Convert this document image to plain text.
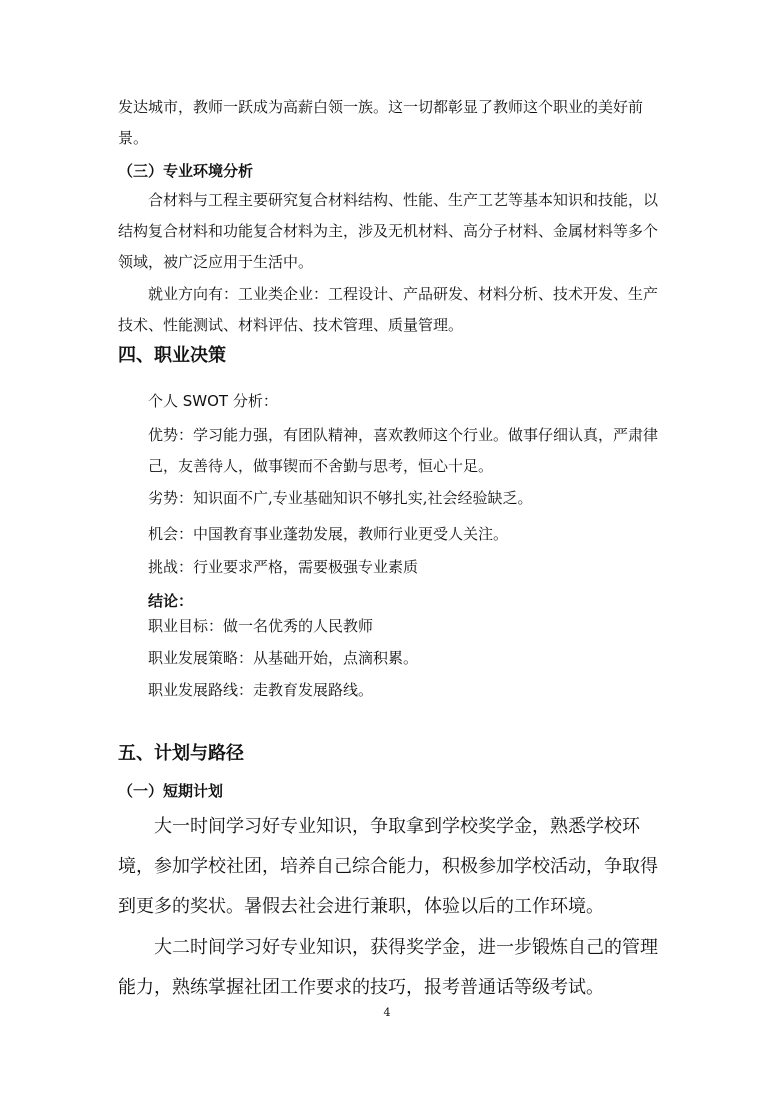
发达城市，教师一跃成为高薪白领一族。这一切都彰显了教师这个职业的美好前景。

（三）专业环境分析

合材料与工程主要研究复合材料结构、性能、生产工艺等基本知识和技能，以结构复合材料和功能复合材料为主，涉及无机材料、高分子材料、金属材料等多个领域，被广泛应用于生活中。

就业方向有：工业类企业：工程设计、产品研发、材料分析、技术开发、生产技术、性能测试、材料评估、技术管理、质量管理。

四、职业决策

个人 SWOT 分析：

优势：学习能力强，有团队精神，喜欢教师这个行业。做事仔细认真，严肃律己，友善待人，做事锲而不舍勤与思考，恒心十足。

劣势：知识面不广,专业基础知识不够扎实,社会经验缺乏。

机会：中国教育事业蓬勃发展，教师行业更受人关注。

挑战：行业要求严格，需要极强专业素质

结论：

职业目标：做一名优秀的人民教师

职业发展策略：从基础开始，点滴积累。

职业发展路线：走教育发展路线。

五、计划与路径

（一）短期计划

大一时间学习好专业知识，争取拿到学校奖学金，熟悉学校环境，参加学校社团，培养自己综合能力，积极参加学校活动，争取得到更多的奖状。暑假去社会进行兼职，体验以后的工作环境。

大二时间学习好专业知识，获得奖学金，进一步锻炼自己的管理能力，熟练掌握社团工作要求的技巧，报考普通话等级考试。

4
